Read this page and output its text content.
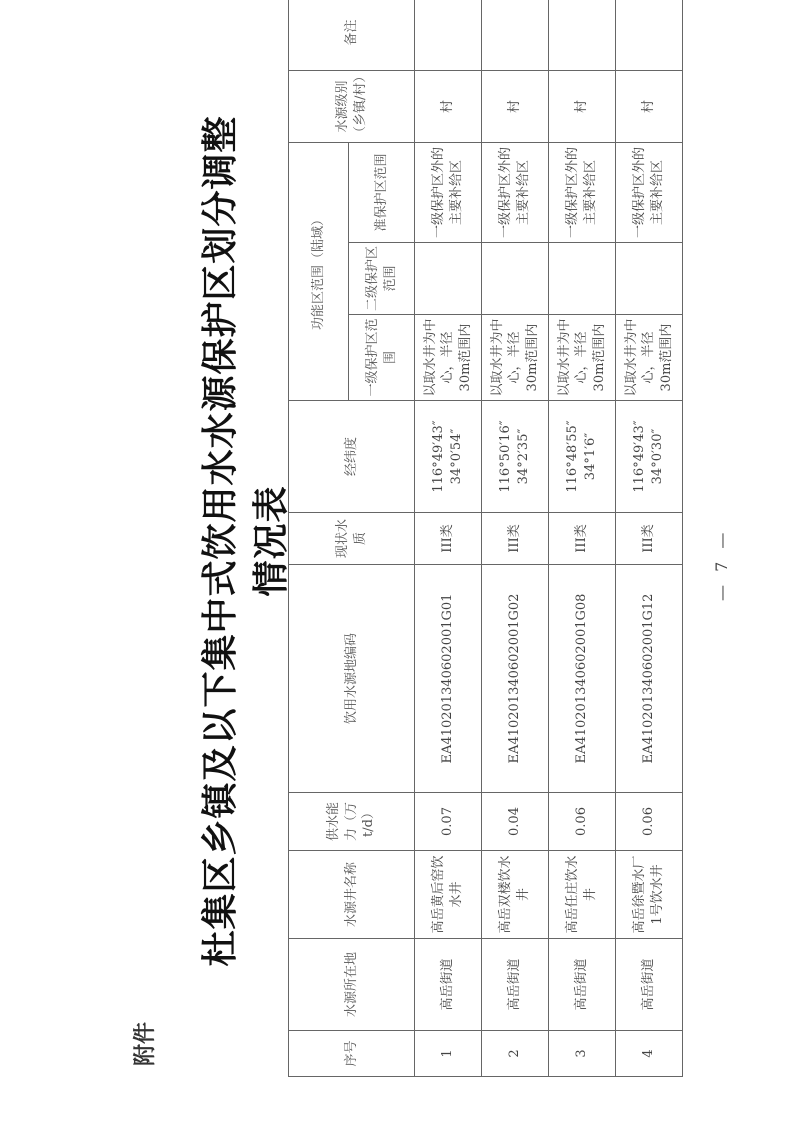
附件
杜集区乡镇及以下集中式饮用水水源保护区划分调整情况表
序号	水源所在地	水源井名称	供水能力（万t/d）	饮用水源地编码	现状水质	经纬度	功能区范围（陆域）			水源级别（乡镇/村）	备注
							一级保护区范围	二级保护区范围	准保护区范围		
1	高岳街道	高岳黄后窑饮水井	0.07	EA410201340602001G01	III类	116°49′43″ 34°0′54″	以取水井为中心，半径30m范围内		一级保护区外的主要补给区	村	
2	高岳街道	高岳双楼饮水井	0.04	EA410201340602001G02	III类	116°50′16″ 34°2′35″	以取水井为中心，半径30m范围内		一级保护区外的主要补给区	村	
3	高岳街道	高岳任庄饮水井	0.06	EA410201340602001G08	III类	116°48′55″ 34°1′6″	以取水井为中心，半径30m范围内		一级保护区外的主要补给区	村	
4	高岳街道	高岳徐暨水厂1号饮水井	0.06	EA410201340602001G12	III类	116°49′43″ 34°0′30″	以取水井为中心，半径30m范围内		一级保护区外的主要补给区	村	
— 7 —
